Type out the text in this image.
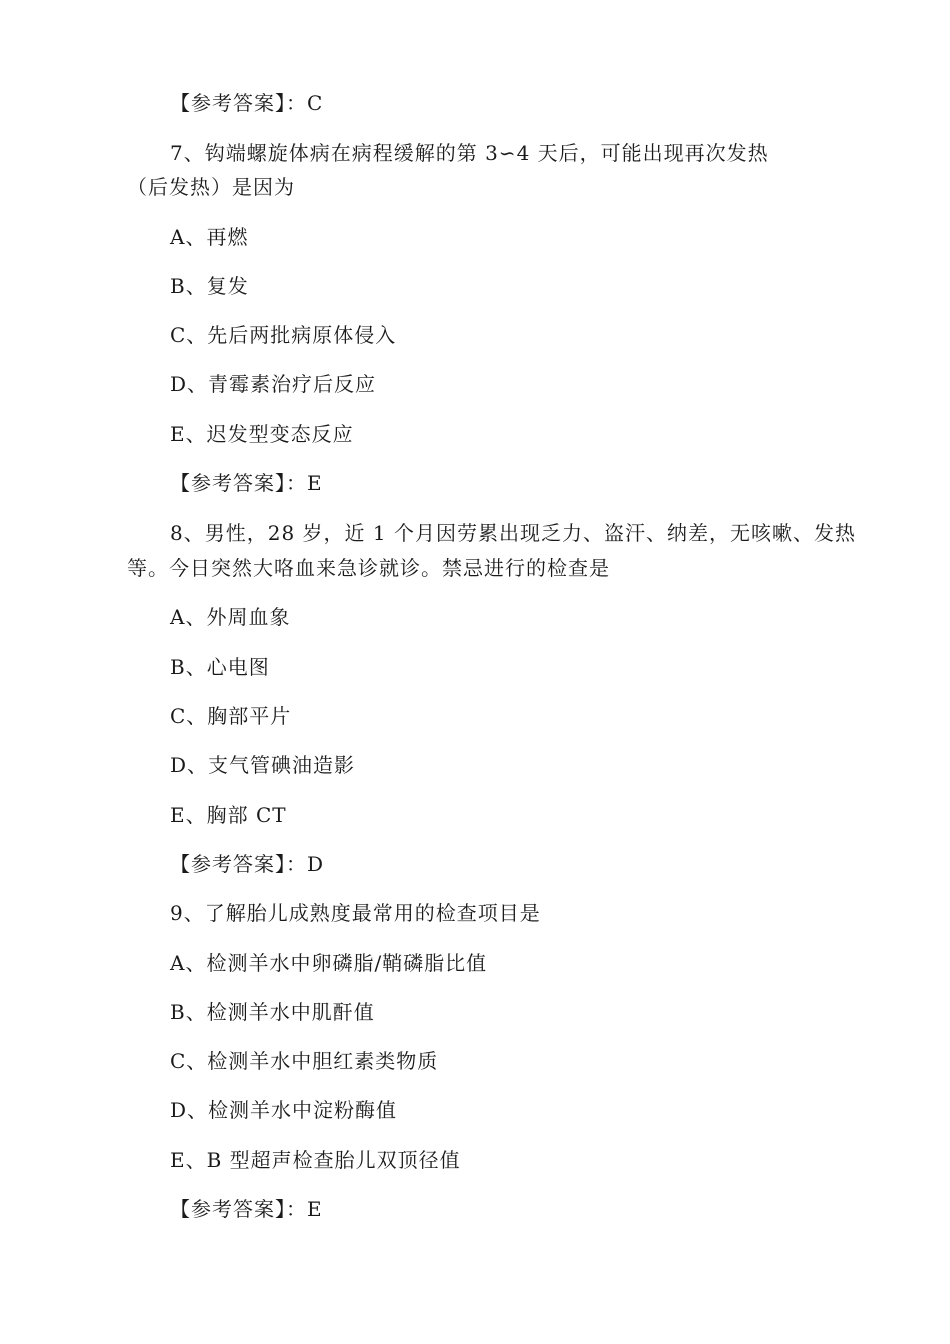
【参考答案】：C
7、钩端螺旋体病在病程缓解的第 3∽4 天后，可能出现再次发热
（后发热）是因为
A、再燃
B、复发
C、先后两批病原体侵入
D、青霉素治疗后反应
E、迟发型变态反应
【参考答案】：E
8、男性，28 岁，近 1 个月因劳累出现乏力、盗汗、纳差，无咳嗽、发热
等。今日突然大咯血来急诊就诊。禁忌进行的检查是
A、外周血象
B、心电图
C、胸部平片
D、支气管碘油造影
E、胸部 CT
【参考答案】：D
9、了解胎儿成熟度最常用的检查项目是
A、检测羊水中卵磷脂/鞘磷脂比值
B、检测羊水中肌酐值
C、检测羊水中胆红素类物质
D、检测羊水中淀粉酶值
E、B 型超声检查胎儿双顶径值
【参考答案】：E
